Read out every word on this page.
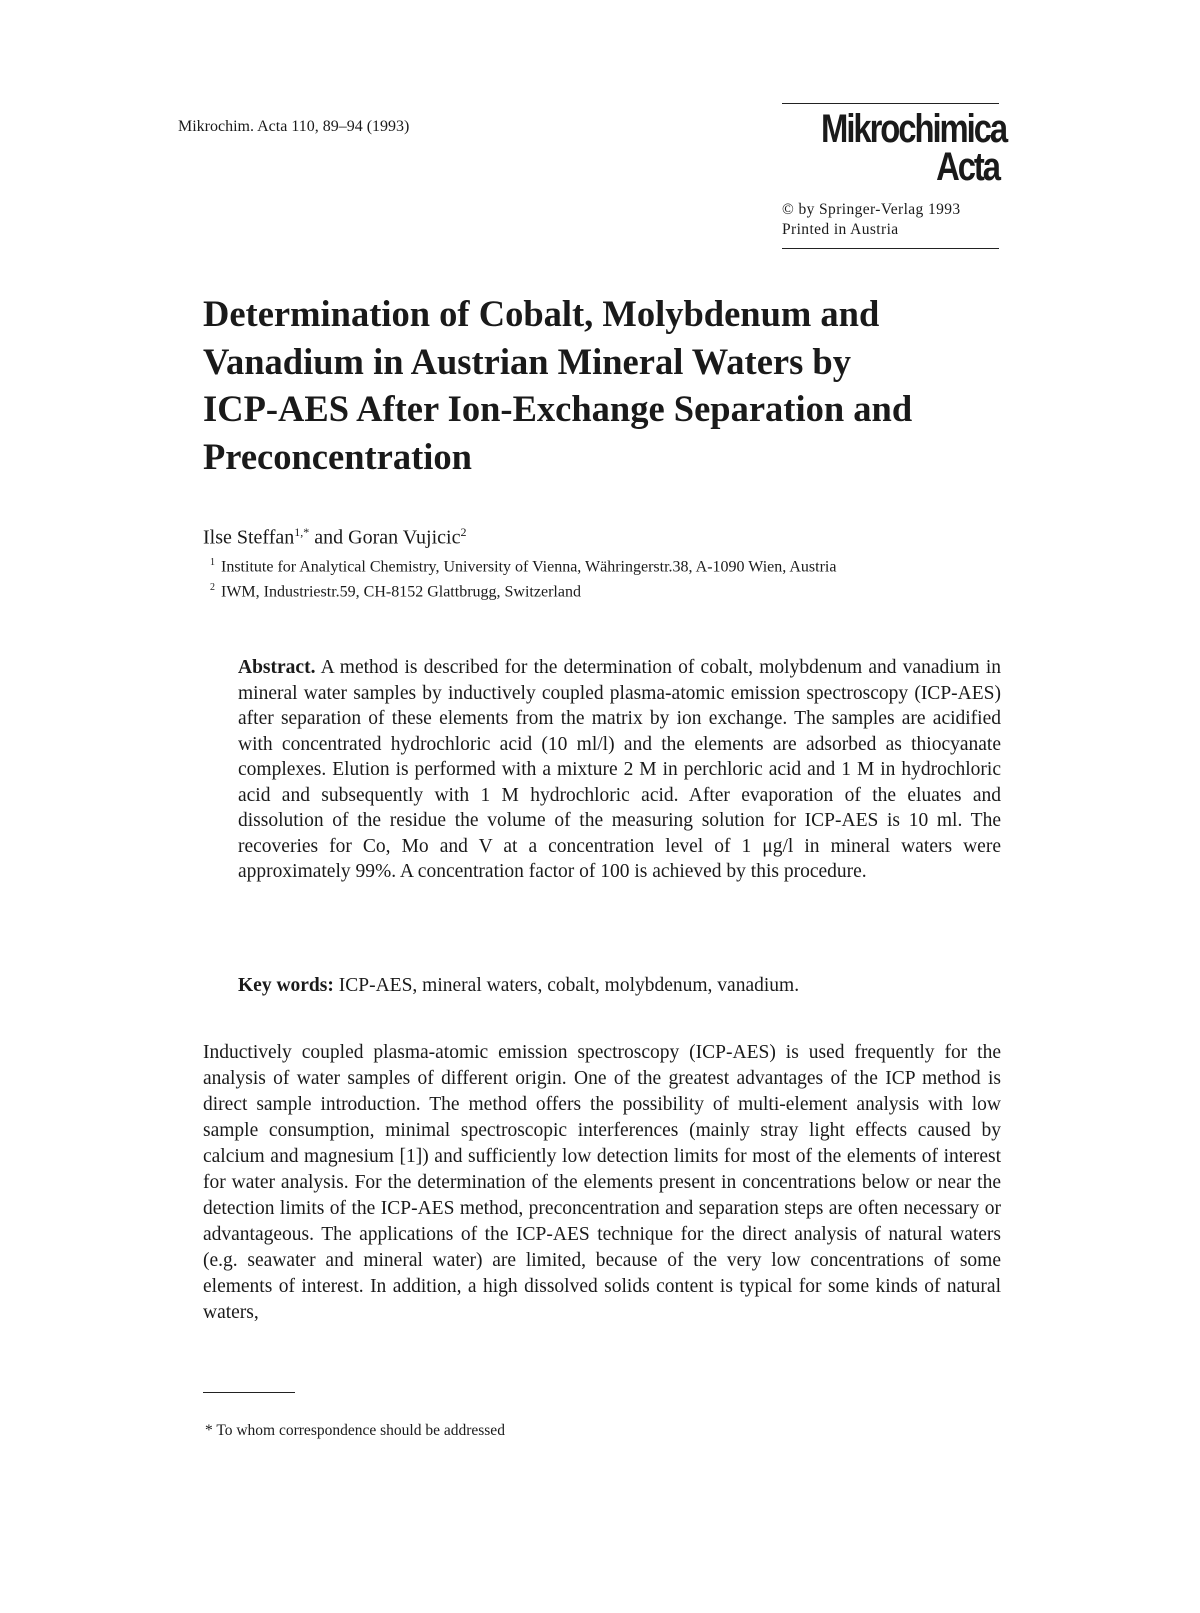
Mikrochim. Acta 110, 89–94 (1993)	Mikrochimica
Acta
© by Springer-Verlag 1993
Printed in Austria
Determination of Cobalt, Molybdenum and
Vanadium in Austrian Mineral Waters by
ICP-AES After Ion-Exchange Separation and
Preconcentration
Ilse Steffan$^{1,*}$ and Goran Vujicic$^2$
$^1$ Institute for Analytical Chemistry, University of Vienna, Währingerstr.38, A-1090 Wien, Austria
$^2$ IWM, Industriestr.59, CH-8152 Glattbrugg, Switzerland
Abstract. A method is described for the determination of cobalt, molybdenum and vanadium in mineral water samples by inductively coupled plasma-atomic emission spectroscopy (ICP-AES) after separation of these elements from the matrix by ion exchange. The samples are acidified with concentrated hydrochloric acid (10 ml/l) and the elements are adsorbed as thiocyanate complexes. Elution is performed with a mixture 2 M in perchloric acid and 1 M in hydrochloric acid and subsequently with 1 M hydrochloric acid. After evaporation of the eluates and dissolution of the residue the volume of the measuring solution for ICP-AES is 10 ml. The recoveries for Co, Mo and V at a concentration level of 1 μg/l in mineral waters were approximately 99%. A concentration factor of 100 is achieved by this procedure.
Key words: ICP-AES, mineral waters, cobalt, molybdenum, vanadium.
Inductively coupled plasma-atomic emission spectroscopy (ICP-AES) is used frequently for the analysis of water samples of different origin. One of the greatest advantages of the ICP method is direct sample introduction. The method offers the possibility of multi-element analysis with low sample consumption, minimal spectroscopic interferences (mainly stray light effects caused by calcium and magnesium [1]) and sufficiently low detection limits for most of the elements of interest for water analysis. For the determination of the elements present in concentrations below or near the detection limits of the ICP-AES method, preconcentration and separation steps are often necessary or advantageous. The applications of the ICP-AES technique for the direct analysis of natural waters (e.g. seawater and mineral water) are limited, because of the very low concentrations of some elements of interest. In addition, a high dissolved solids content is typical for some kinds of natural waters,
* To whom correspondence should be addressed
